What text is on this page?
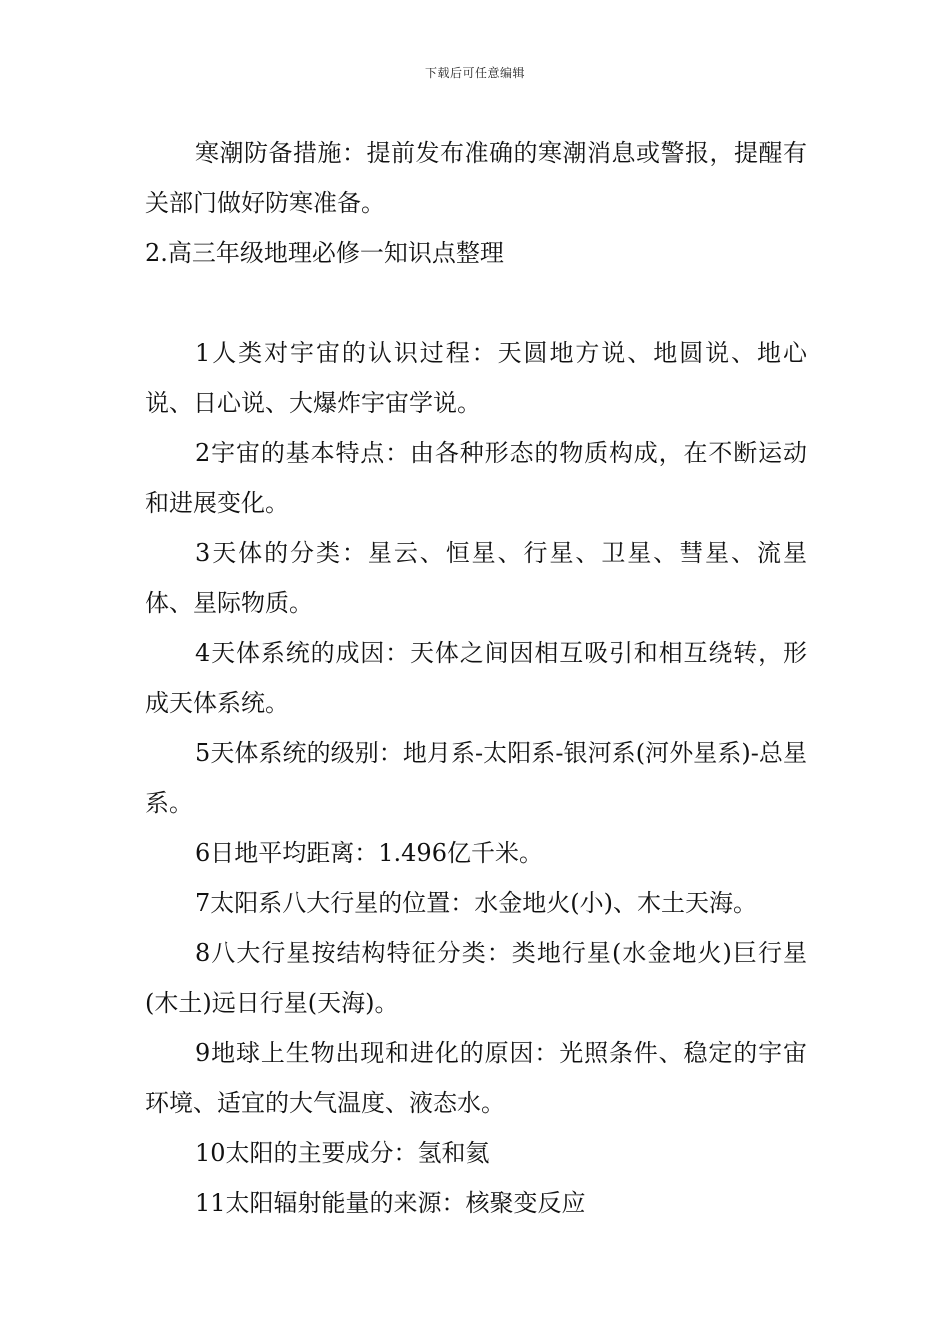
下载后可任意编辑

寒潮防备措施：提前发布准确的寒潮消息或警报，提醒有关部门做好防寒准备。

2.高三年级地理必修一知识点整理

1人类对宇宙的认识过程：天圆地方说、地圆说、地心说、日心说、大爆炸宇宙学说。

2宇宙的基本特点：由各种形态的物质构成，在不断运动和进展变化。

3天体的分类：星云、恒星、行星、卫星、彗星、流星体、星际物质。

4天体系统的成因：天体之间因相互吸引和相互绕转，形成天体系统。

5天体系统的级别：地月系-太阳系-银河系(河外星系)-总星系。

6日地平均距离：1.496亿千米。

7太阳系八大行星的位置：水金地火(小)、木土天海。

8八大行星按结构特征分类：类地行星(水金地火)巨行星(木土)远日行星(天海)。

9地球上生物出现和进化的原因：光照条件、稳定的宇宙环境、适宜的大气温度、液态水。

10太阳的主要成分：氢和氦

11太阳辐射能量的来源：核聚变反应
